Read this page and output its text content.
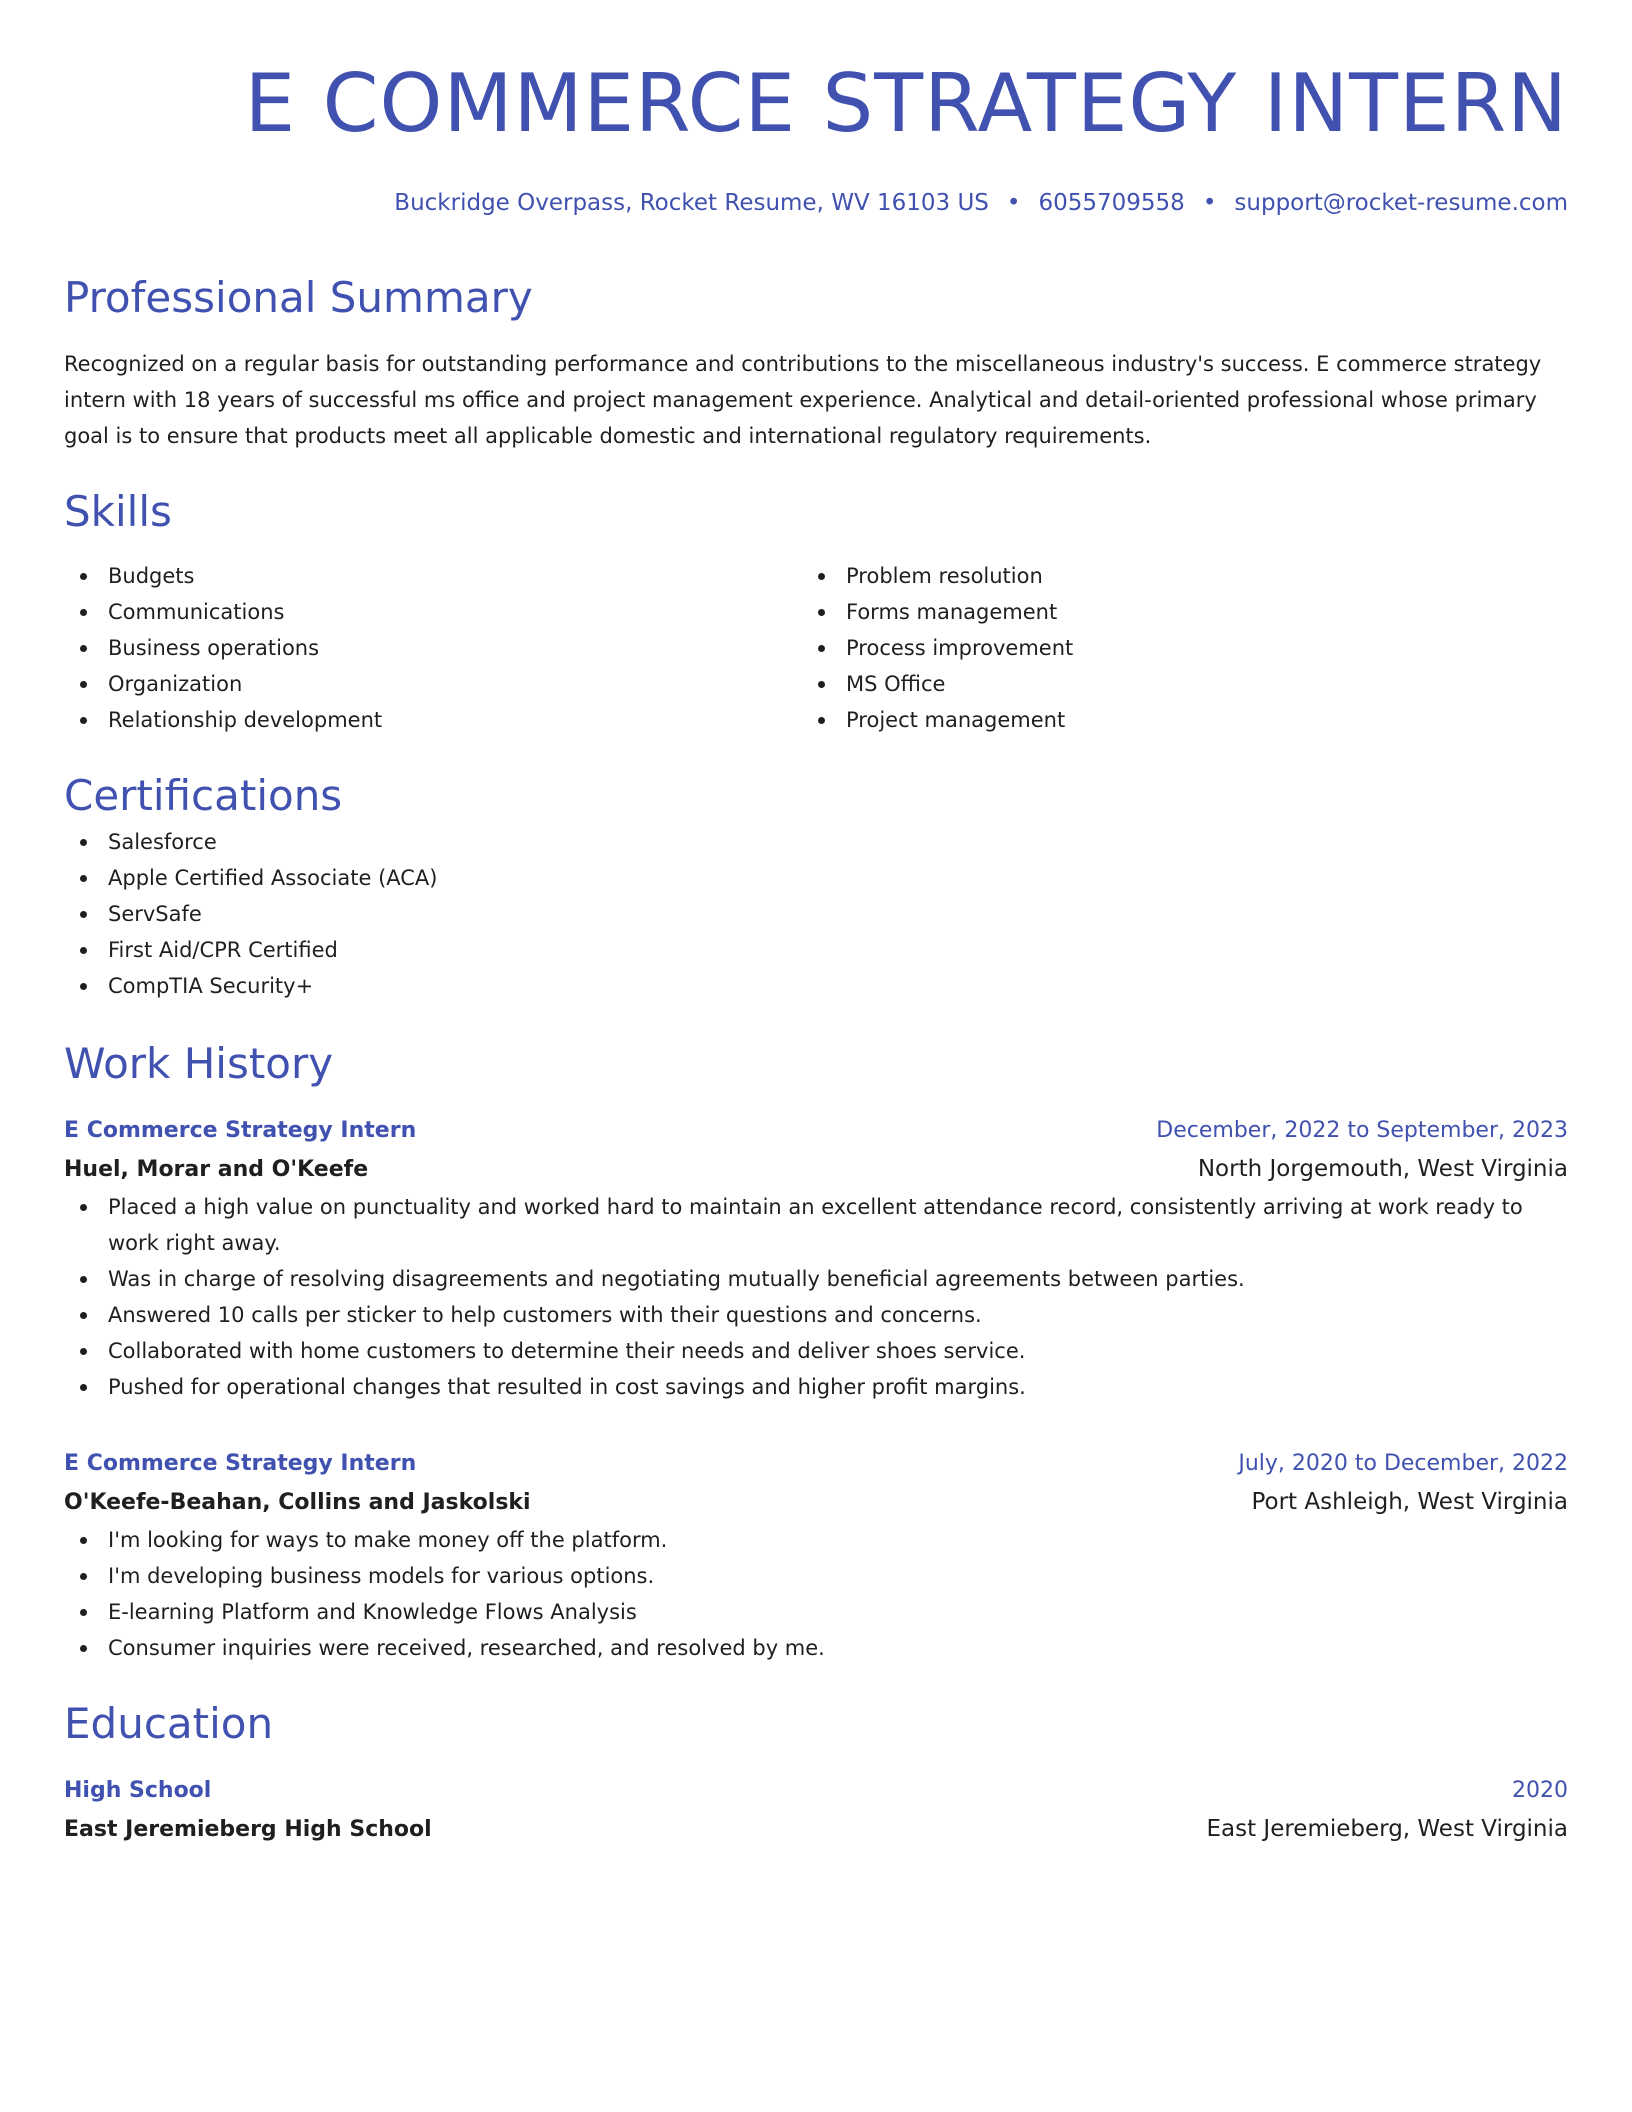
E COMMERCE STRATEGY INTERN
Buckridge Overpass, Rocket Resume, WV 16103 US • 6055709558 • support@rocket-resume.com
Professional Summary
Recognized on a regular basis for outstanding performance and contributions to the miscellaneous industry's success. E commerce strategy intern with 18 years of successful ms office and project management experience. Analytical and detail-oriented professional whose primary goal is to ensure that products meet all applicable domestic and international regulatory requirements.
Skills
Budgets
Communications
Business operations
Organization
Relationship development
Problem resolution
Forms management
Process improvement
MS Office
Project management
Certifications
Salesforce
Apple Certified Associate (ACA)
ServSafe
First Aid/CPR Certified
CompTIA Security+
Work History
E Commerce Strategy Intern	December, 2022 to September, 2023
Huel, Morar and O'Keefe	North Jorgemouth, West Virginia
Placed a high value on punctuality and worked hard to maintain an excellent attendance record, consistently arriving at work ready to work right away.
Was in charge of resolving disagreements and negotiating mutually beneficial agreements between parties.
Answered 10 calls per sticker to help customers with their questions and concerns.
Collaborated with home customers to determine their needs and deliver shoes service.
Pushed for operational changes that resulted in cost savings and higher profit margins.
E Commerce Strategy Intern	July, 2020 to December, 2022
O'Keefe-Beahan, Collins and Jaskolski	Port Ashleigh, West Virginia
I'm looking for ways to make money off the platform.
I'm developing business models for various options.
E-learning Platform and Knowledge Flows Analysis
Consumer inquiries were received, researched, and resolved by me.
Education
High School	2020
East Jeremieberg High School	East Jeremieberg, West Virginia
